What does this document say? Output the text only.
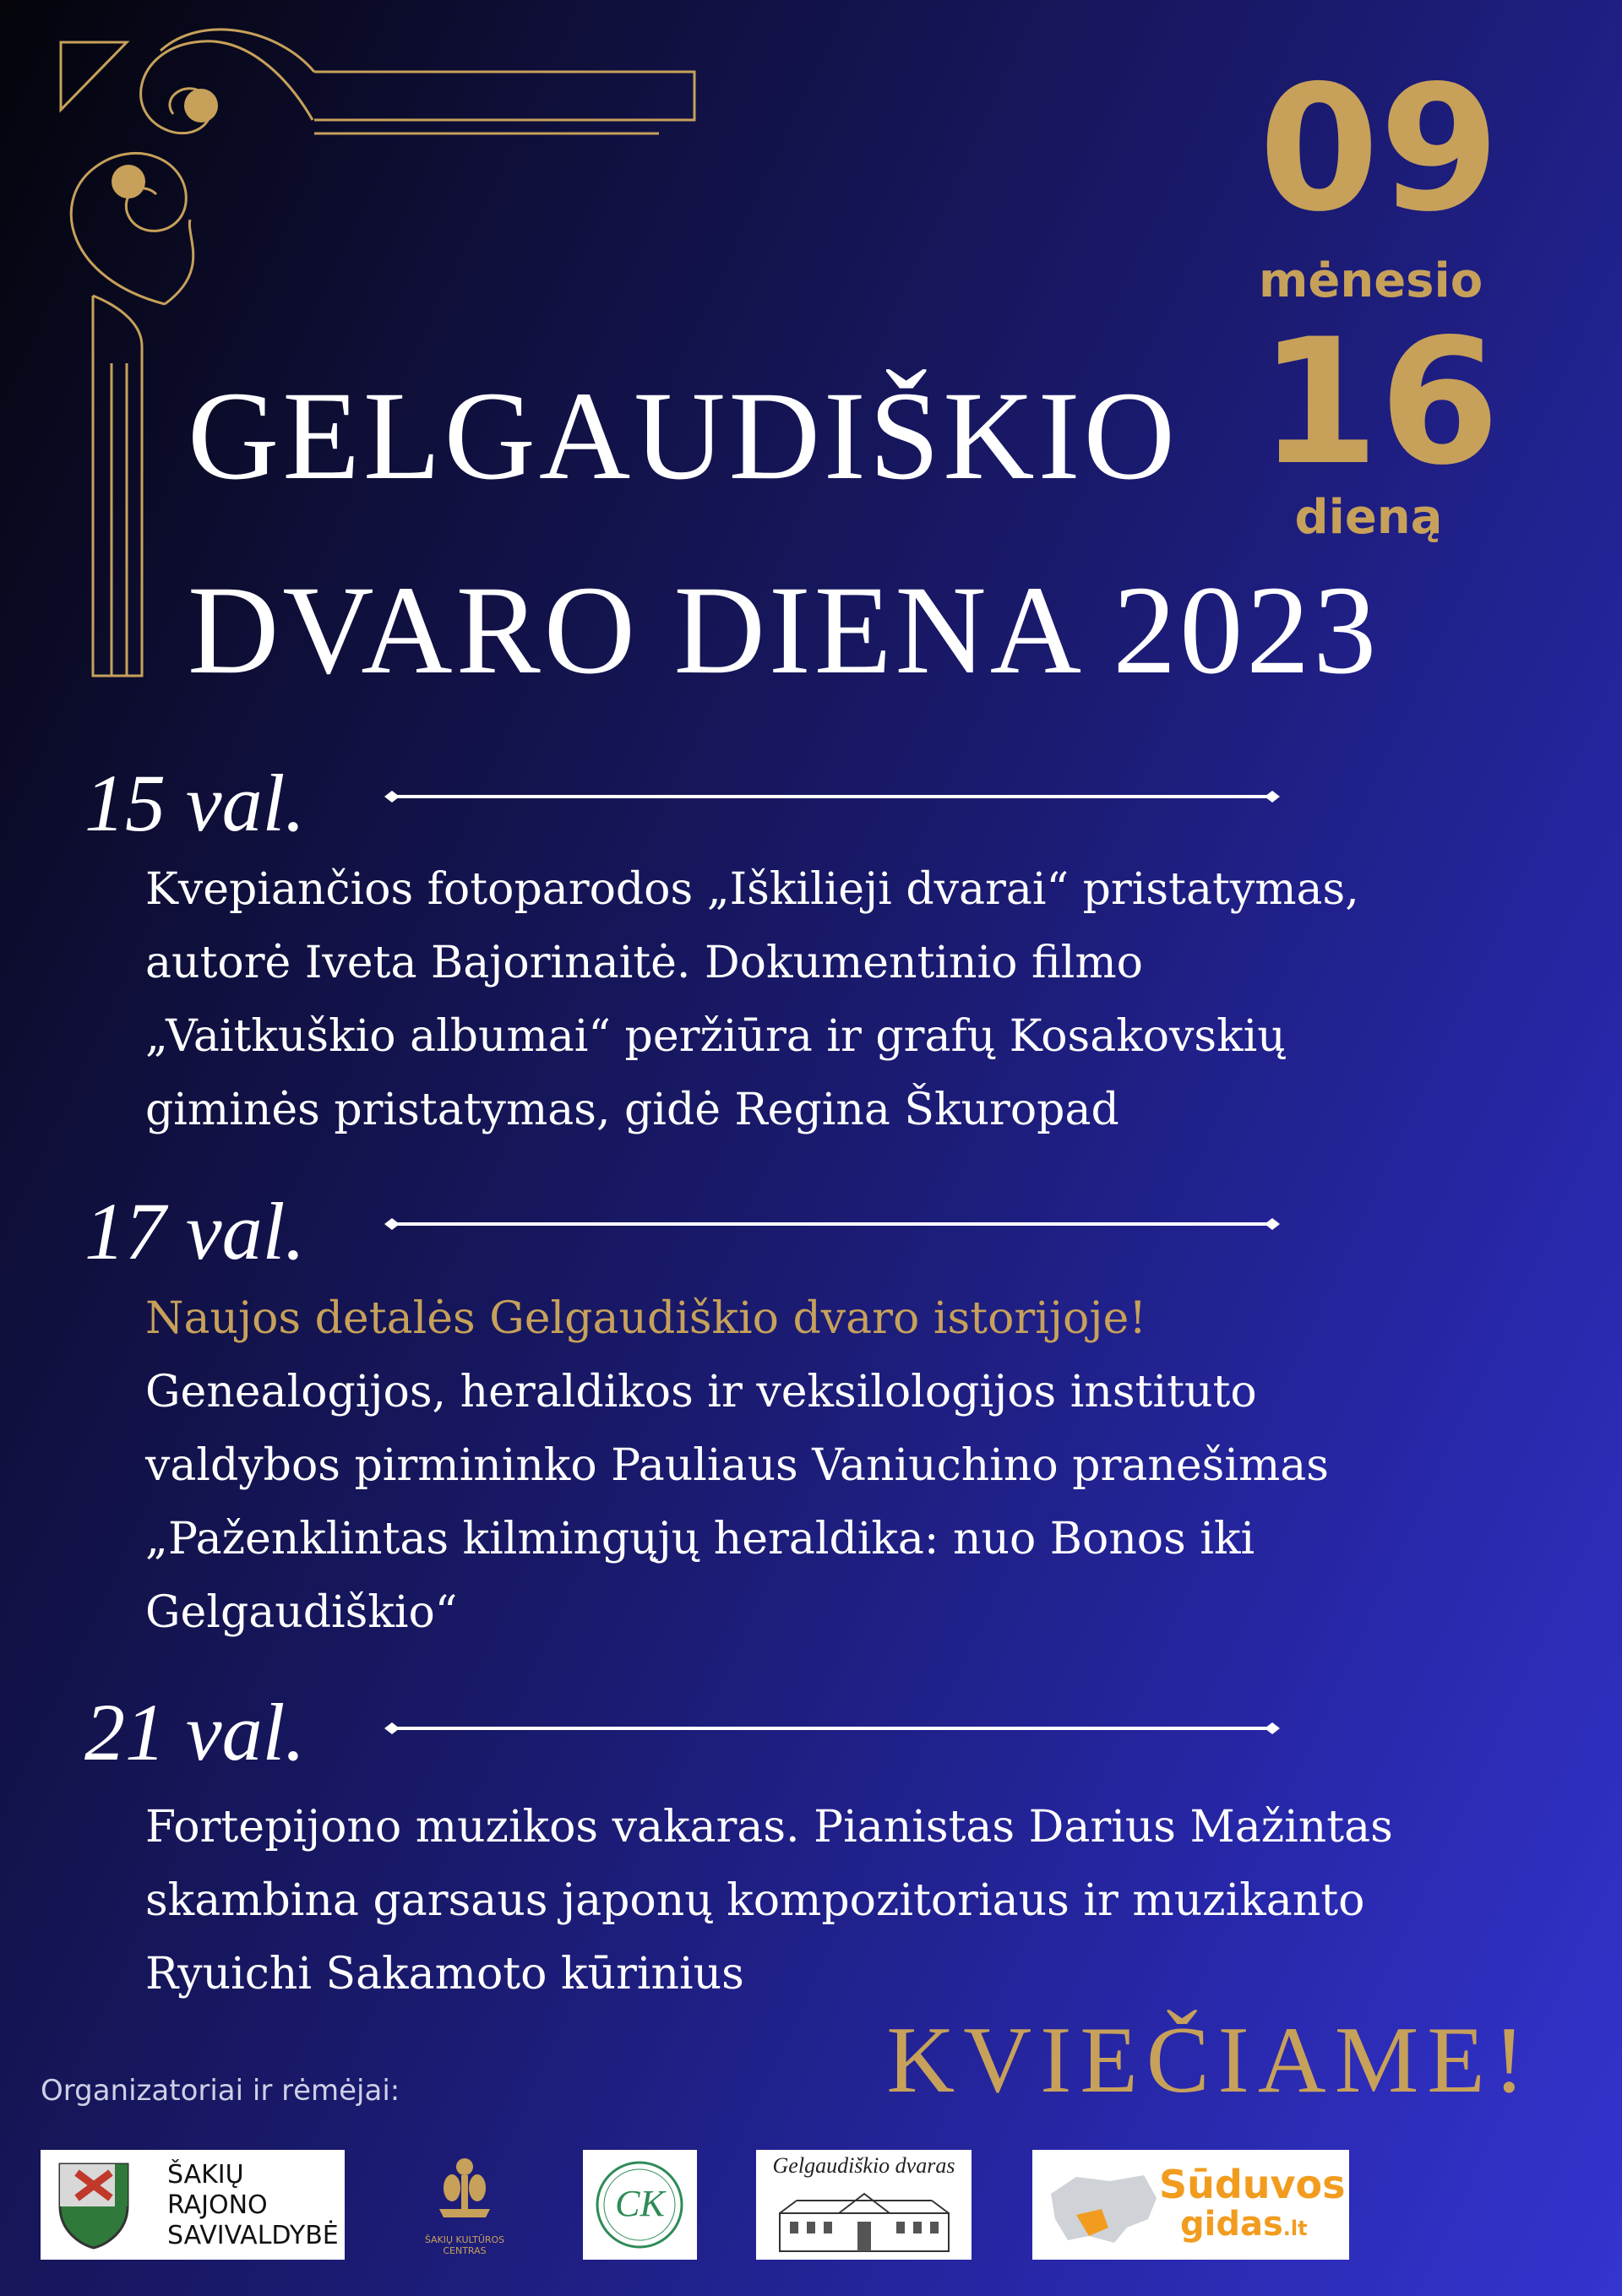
09
mėnesio
16
dieną
GELGAUDIŠKIO
DVARO DIENA 2023
15 val.
Kvepiančios fotoparodos „Iškilieji dvarai“ pristatymas,
autorė Iveta Bajorinaitė. Dokumentinio filmo
„Vaitkuškio albumai“ peržiūra ir grafų Kosakovskių
giminės pristatymas, gidė Regina Škuropad
17 val.
Naujos detalės Gelgaudiškio dvaro istorijoje!
Genealogijos, heraldikos ir veksilologijos instituto
valdybos pirmininko Pauliaus Vaniuchino pranešimas
„Paženklintas kilmingųjų heraldika: nuo Bonos iki
Gelgaudiškio“
21 val.
Fortepijono muzikos vakaras. Pianistas Darius Mažintas
skambina garsaus japonų kompozitoriaus ir muzikanto
Ryuichi Sakamoto kūrinius
KVIEČIAME!
Organizatoriai ir rėmėjai:
ŠAKIŲ
RAJONO
SAVIVALDYBĖ	ŠAKIŲ KULTŪROS CENTRAS
CK
Gelgaudiškio dvaras	Sūduvos
gidas.lt
